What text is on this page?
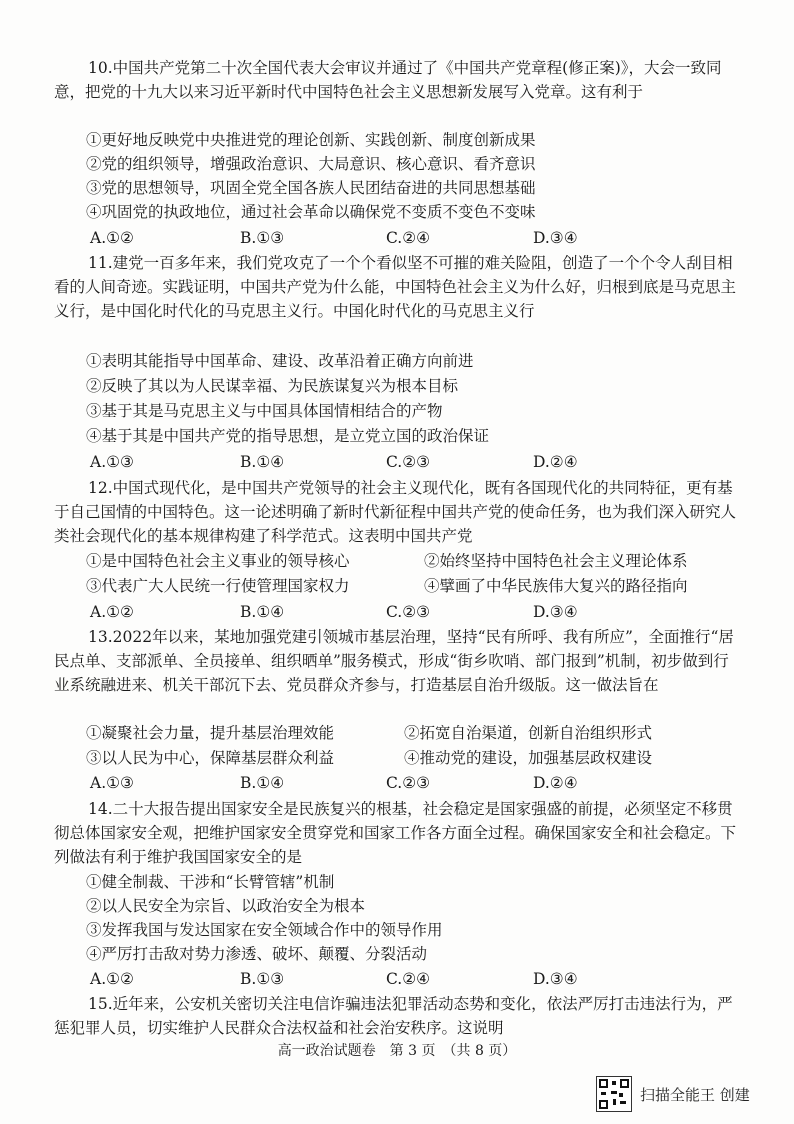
10.中国共产党第二十次全国代表大会审议并通过了《中国共产党章程(修正案)》，大会一致同意，把党的十九大以来习近平新时代中国特色社会主义思想新发展写入党章。这有利于
①更好地反映党中央推进党的理论创新、实践创新、制度创新成果
②党的组织领导，增强政治意识、大局意识、核心意识、看齐意识
③党的思想领导，巩固全党全国各族人民团结奋进的共同思想基础
④巩固党的执政地位，通过社会革命以确保党不变质不变色不变味
A.①②	B.①③	C.②④	D.③④
11.建党一百多年来，我们党攻克了一个个看似坚不可摧的难关险阻，创造了一个个令人刮目相看的人间奇迹。实践证明，中国共产党为什么能，中国特色社会主义为什么好，归根到底是马克思主义行，是中国化时代化的马克思主义行。中国化时代化的马克思主义行
①表明其能指导中国革命、建设、改革沿着正确方向前进
②反映了其以为人民谋幸福、为民族谋复兴为根本目标
③基于其是马克思主义与中国具体国情相结合的产物
④基于其是中国共产党的指导思想，是立党立国的政治保证
A.①③	B.①④	C.②③	D.②④
12.中国式现代化，是中国共产党领导的社会主义现代化，既有各国现代化的共同特征，更有基于自己国情的中国特色。这一论述明确了新时代新征程中国共产党的使命任务，也为我们深入研究人类社会现代化的基本规律构建了科学范式。这表明中国共产党
①是中国特色社会主义事业的领导核心	②始终坚持中国特色社会主义理论体系
③代表广大人民统一行使管理国家权力	④擘画了中华民族伟大复兴的路径指向
A.①②	B.①④	C.②③	D.③④
13.2022年以来，某地加强党建引领城市基层治理，坚持“民有所呼、我有所应”，全面推行“居民点单、支部派单、全员接单、组织晒单”服务模式，形成“街乡吹哨、部门报到”机制，初步做到行业系统融进来、机关干部沉下去、党员群众齐参与，打造基层自治升级版。这一做法旨在
①凝聚社会力量，提升基层治理效能	②拓宽自治渠道，创新自治组织形式
③以人民为中心，保障基层群众利益	④推动党的建设，加强基层政权建设
A.①③	B.①④	C.②③	D.②④
14.二十大报告提出国家安全是民族复兴的根基，社会稳定是国家强盛的前提，必须坚定不移贯彻总体国家安全观，把维护国家安全贯穿党和国家工作各方面全过程。确保国家安全和社会稳定。下列做法有利于维护我国国家安全的是
①健全制裁、干涉和“长臂管辖”机制
②以人民安全为宗旨、以政治安全为根本
③发挥我国与发达国家在安全领域合作中的领导作用
④严厉打击敌对势力渗透、破坏、颠覆、分裂活动
A.①②	B.①③	C.②④	D.③④
15.近年来，公安机关密切关注电信诈骗违法犯罪活动态势和变化，依法严厉打击违法行为，严惩犯罪人员，切实维护人民群众合法权益和社会治安秩序。这说明
高一政治试题卷　第 3 页　（共 8 页）
扫描全能王 创建
